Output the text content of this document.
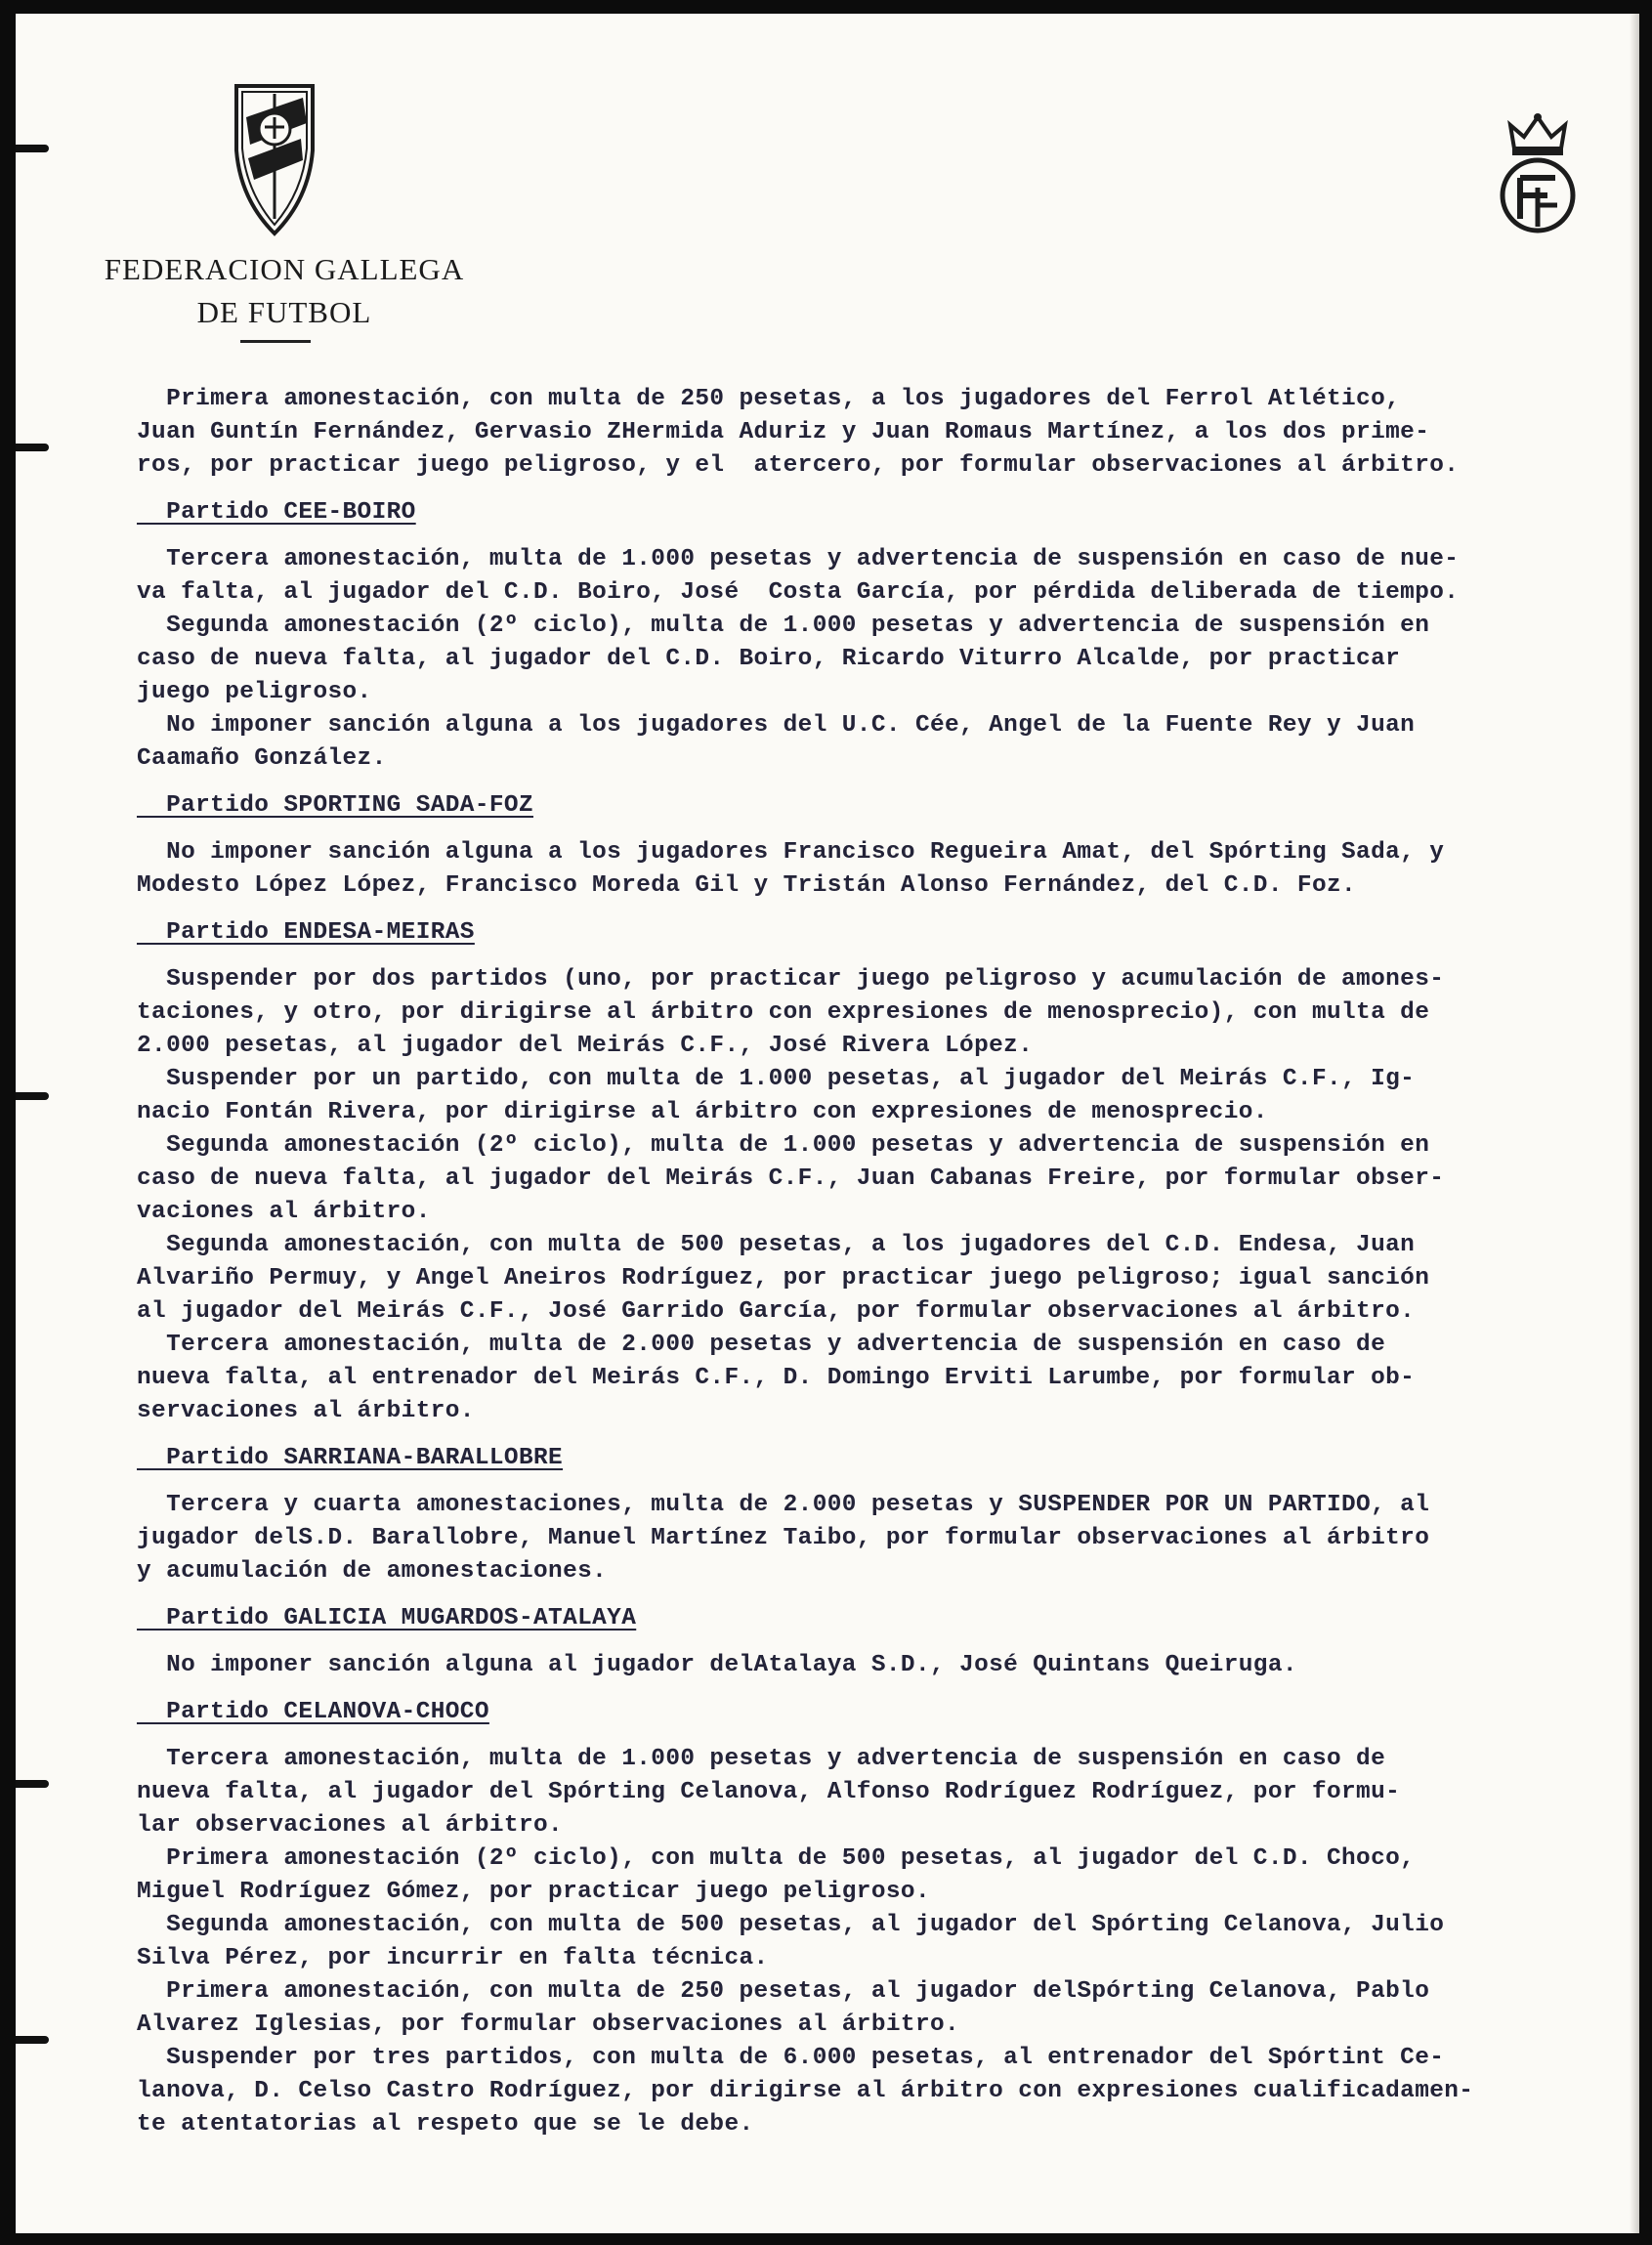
FEDERACION GALLEGA
DE FUTBOL
Primera amonestación, con multa de 250 pesetas, a los jugadores del Ferrol Atlético,
Juan Guntín Fernández, Gervasio ZHermida Aduriz y Juan Romaus Martínez, a los dos prime-
ros, por practicar juego peligroso, y el  atercero, por formular observaciones al árbitro.
Partido CEE-BOIRO
Tercera amonestación, multa de 1.000 pesetas y advertencia de suspensión en caso de nue-
va falta, al jugador del C.D. Boiro, José  Costa García, por pérdida deliberada de tiempo.
Segunda amonestación (2º ciclo), multa de 1.000 pesetas y advertencia de suspensión en
caso de nueva falta, al jugador del C.D. Boiro, Ricardo Viturro Alcalde, por practicar
juego peligroso.
No imponer sanción alguna a los jugadores del U.C. Cée, Angel de la Fuente Rey y Juan
Caamaño González.
Partido SPORTING SADA-FOZ
No imponer sanción alguna a los jugadores Francisco Regueira Amat, del Spórting Sada, y
Modesto López López, Francisco Moreda Gil y Tristán Alonso Fernández, del C.D. Foz.
Partido ENDESA-MEIRAS
Suspender por dos partidos (uno, por practicar juego peligroso y acumulación de amones-
taciones, y otro, por dirigirse al árbitro con expresiones de menosprecio), con multa de
2.000 pesetas, al jugador del Meirás C.F., José Rivera López.
Suspender por un partido, con multa de 1.000 pesetas, al jugador del Meirás C.F., Ig-
nacio Fontán Rivera, por dirigirse al árbitro con expresiones de menosprecio.
Segunda amonestación (2º ciclo), multa de 1.000 pesetas y advertencia de suspensión en
caso de nueva falta, al jugador del Meirás C.F., Juan Cabanas Freire, por formular obser-
vaciones al árbitro.
Segunda amonestación, con multa de 500 pesetas, a los jugadores del C.D. Endesa, Juan
Alvariño Permuy, y Angel Aneiros Rodríguez, por practicar juego peligroso; igual sanción
al jugador del Meirás C.F., José Garrido García, por formular observaciones al árbitro.
Tercera amonestación, multa de 2.000 pesetas y advertencia de suspensión en caso de
nueva falta, al entrenador del Meirás C.F., D. Domingo Erviti Larumbe, por formular ob-
servaciones al árbitro.
Partido SARRIANA-BARALLOBRE
Tercera y cuarta amonestaciones, multa de 2.000 pesetas y SUSPENDER POR UN PARTIDO, al
jugador delS.D. Barallobre, Manuel Martínez Taibo, por formular observaciones al árbitro
y acumulación de amonestaciones.
Partido GALICIA MUGARDOS-ATALAYA
No imponer sanción alguna al jugador delAtalaya S.D., José Quintans Queiruga.
Partido CELANOVA-CHOCO
Tercera amonestación, multa de 1.000 pesetas y advertencia de suspensión en caso de
nueva falta, al jugador del Spórting Celanova, Alfonso Rodríguez Rodríguez, por formu-
lar observaciones al árbitro.
Primera amonestación (2º ciclo), con multa de 500 pesetas, al jugador del C.D. Choco,
Miguel Rodríguez Gómez, por practicar juego peligroso.
Segunda amonestación, con multa de 500 pesetas, al jugador del Spórting Celanova, Julio
Silva Pérez, por incurrir en falta técnica.
Primera amonestación, con multa de 250 pesetas, al jugador delSpórting Celanova, Pablo
Alvarez Iglesias, por formular observaciones al árbitro.
Suspender por tres partidos, con multa de 6.000 pesetas, al entrenador del Spórtint Ce-
lanova, D. Celso Castro Rodríguez, por dirigirse al árbitro con expresiones cualificadamen-
te atentatorias al respeto que se le debe.
